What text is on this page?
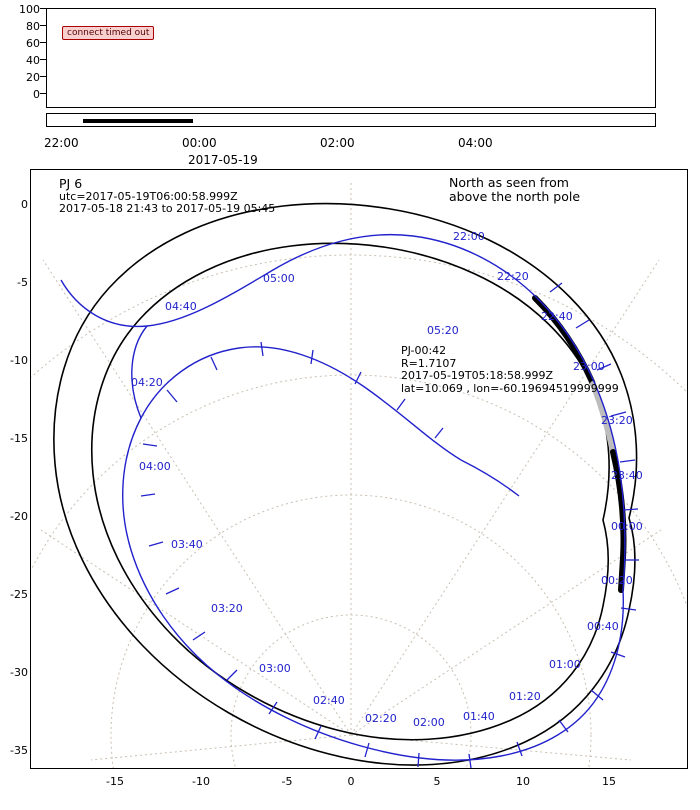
connect timed out
100
80
60
40
20
0
22:00	00:00	02:00	04:00
2017-05-19
0
-5
-10
-15
-20
-25
-30
-35
PJ 6
utc=2017-05-19T06:00:58.999Z
2017-05-18 21:43 to 2017-05-19 05:45
North as seen from
above the north pole
PJ-00:42
R=1.7107
2017-05-19T05:18:58.999Z
lat=10.069 , lon=-60.19694519999999
22:00
22:20
22:40
23:00
23:20
23:40
00:00
00:20
00:40
01:00
01:20
01:40
02:00
02:20
02:40
03:00
03:20
03:40
04:00
04:20
04:40
05:00
05:20
-15	-10	-5	0	5	10	15
